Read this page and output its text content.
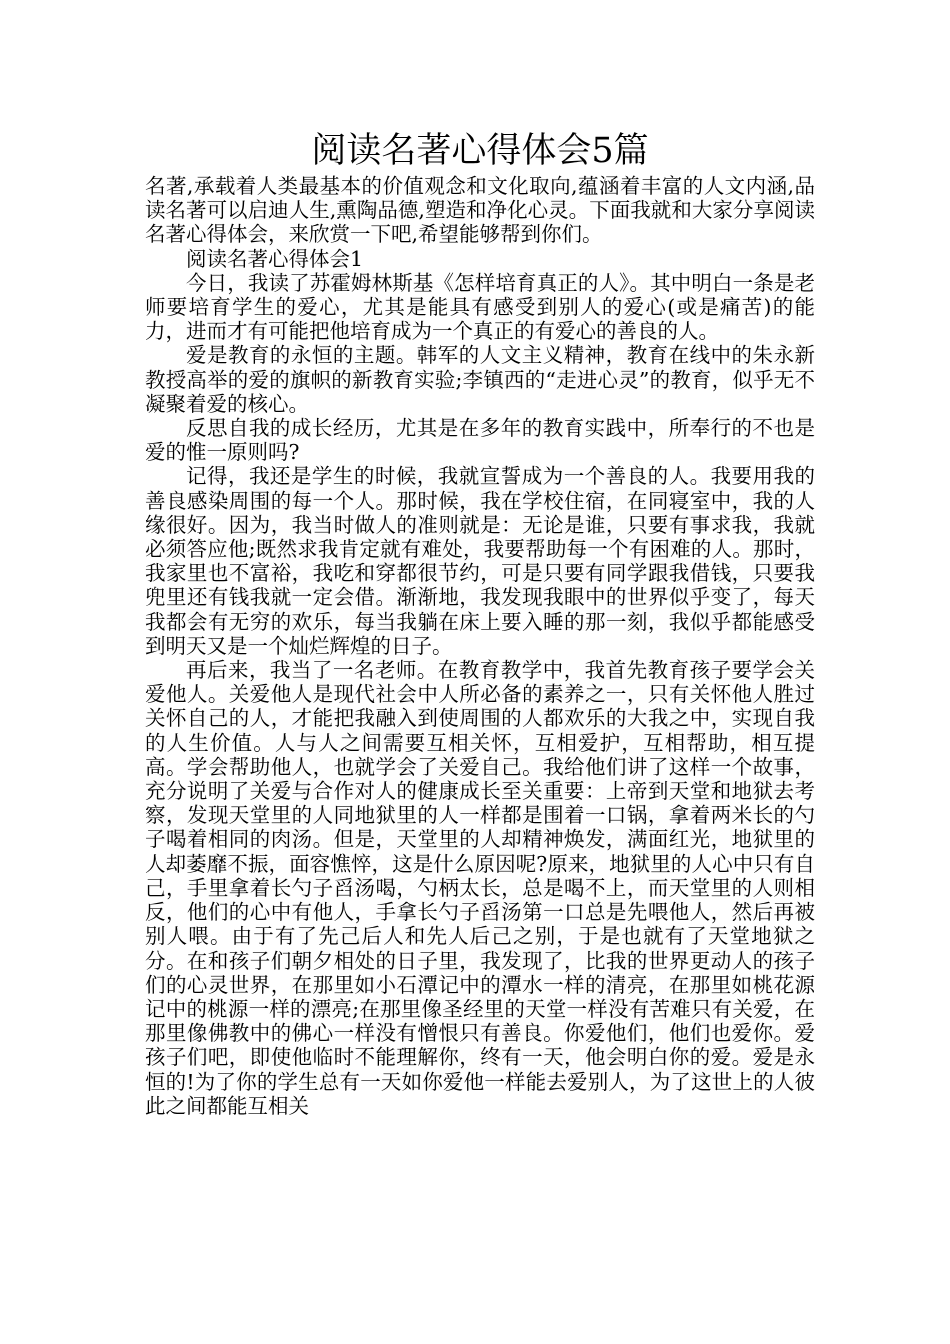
阅读名著心得体会5篇

名著,承载着人类最基本的价值观念和文化取向,蕴涵着丰富的人文内涵,品读名著可以启迪人生,熏陶品德,塑造和净化心灵。下面我就和大家分享阅读名著心得体会，来欣赏一下吧,希望能够帮到你们。

阅读名著心得体会1

今日，我读了苏霍姆林斯基《怎样培育真正的人》。其中明白一条是老师要培育学生的爱心，尤其是能具有感受到别人的爱心(或是痛苦)的能力，进而才有可能把他培育成为一个真正的有爱心的善良的人。

爱是教育的永恒的主题。韩军的人文主义精神，教育在线中的朱永新教授高举的爱的旗帜的新教育实验;李镇西的“走进心灵”的教育，似乎无不凝聚着爱的核心。

反思自我的成长经历，尤其是在多年的教育实践中，所奉行的不也是爱的惟一原则吗?

记得，我还是学生的时候，我就宣誓成为一个善良的人。我要用我的善良感染周围的每一个人。那时候，我在学校住宿，在同寝室中，我的人缘很好。因为，我当时做人的准则就是：无论是谁，只要有事求我，我就必须答应他;既然求我肯定就有难处，我要帮助每一个有困难的人。那时，我家里也不富裕，我吃和穿都很节约，可是只要有同学跟我借钱，只要我兜里还有钱我就一定会借。渐渐地，我发现我眼中的世界似乎变了，每天我都会有无穷的欢乐，每当我躺在床上要入睡的那一刻，我似乎都能感受到明天又是一个灿烂辉煌的日子。

再后来，我当了一名老师。在教育教学中，我首先教育孩子要学会关爱他人。关爱他人是现代社会中人所必备的素养之一，只有关怀他人胜过关怀自己的人，才能把我融入到使周围的人都欢乐的大我之中，实现自我的人生价值。人与人之间需要互相关怀，互相爱护，互相帮助，相互提高。学会帮助他人，也就学会了关爱自己。我给他们讲了这样一个故事，充分说明了关爱与合作对人的健康成长至关重要：上帝到天堂和地狱去考察，发现天堂里的人同地狱里的人一样都是围着一口锅，拿着两米长的勺子喝着相同的肉汤。但是，天堂里的人却精神焕发，满面红光，地狱里的人却萎靡不振，面容憔悴，这是什么原因呢?原来，地狱里的人心中只有自己，手里拿着长勺子舀汤喝，勺柄太长，总是喝不上，而天堂里的人则相反，他们的心中有他人，手拿长勺子舀汤第一口总是先喂他人，然后再被别人喂。由于有了先己后人和先人后己之别，于是也就有了天堂地狱之分。在和孩子们朝夕相处的日子里，我发现了，比我的世界更动人的孩子们的心灵世界，在那里如小石潭记中的潭水一样的清亮，在那里如桃花源记中的桃源一样的漂亮;在那里像圣经里的天堂一样没有苦难只有关爱，在那里像佛教中的佛心一样没有憎恨只有善良。你爱他们，他们也爱你。爱孩子们吧，即使他临时不能理解你，终有一天，他会明白你的爱。爱是永恒的!为了你的学生总有一天如你爱他一样能去爱别人，为了这世上的人彼此之间都能互相关
